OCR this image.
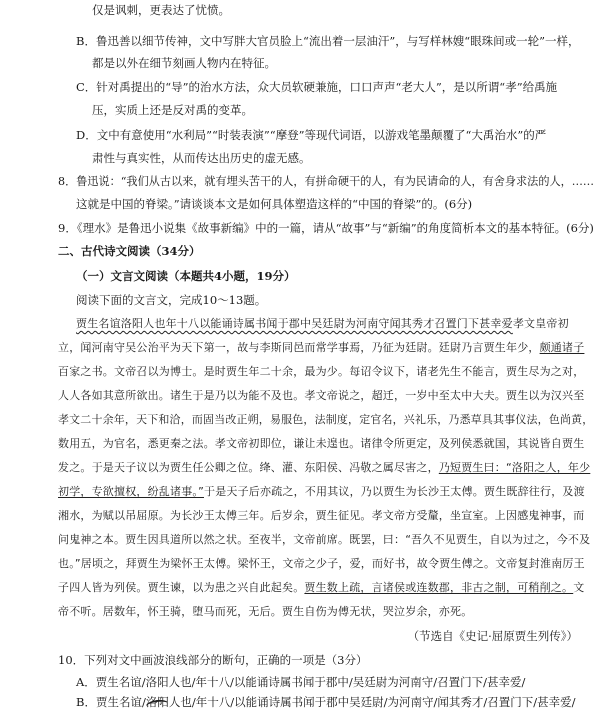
仅是讽刺，更表达了忧愤。
B．鲁迅善以细节传神，文中写胖大官员脸上“流出着一层油汗”，与写样林嫂“眼珠间或一轮”一样，
都是以外在细节刻画人物内在特征。
C．针对禹提出的“导”的治水方法，众大员软硬兼施，口口声声“老大人”，是以所谓“孝”给禹施
压，实质上还是反对禹的变革。
D．文中有意使用“水利局”“时装表演”“摩登”等现代词语，以游戏笔墨颠覆了“大禹治水”的严
肃性与真实性，从而传达出历史的虚无感。
8．鲁迅说：“我们从古以来，就有埋头苦干的人，有拼命硬干的人，有为民请命的人，有舍身求法的人，……
这就是中国的脊梁。”请谈谈本文是如何具体塑造这样的“中国的脊梁”的。(6分)
9．《理水》是鲁迅小说集《故事新编》中的一篇，请从“故事”与“新编”的角度简析本文的基本特征。(6分)
二、古代诗文阅读（34分）
（一）文言文阅读（本题共4小题，19分）
阅读下面的文言文，完成10～13题。
贾生名谊洛阳人也年十八以能诵诗属书闻于郡中吴廷尉为河南守闻其秀才召置门下甚幸爱孝文皇帝初
立，闻河南守吴公治平为天下第一，故与李斯同邑而常学事焉，乃征为廷尉。廷尉乃言贾生年少，颇通诸子
百家之书。文帝召以为博士。是时贾生年二十余，最为少。每诏令议下，诸老先生不能言，贾生尽为之对，
人人各如其意所欲出。诸生于是乃以为能不及也。孝文帝说之，超迁，一岁中至太中大夫。贾生以为汉兴至
孝文二十余年，天下和洽，而固当改正朔，易服色，法制度，定官名，兴礼乐，乃悉草具其事仪法，色尚黄，
数用五，为官名，悉更秦之法。孝文帝初即位，谦让未遑也。诸律令所更定，及列侯悉就国，其说皆自贾生
发之。于是天子议以为贾生任公卿之位。绛、灌、东阳侯、冯敬之属尽害之，乃短贾生曰：“洛阳之人，年少
初学，专欲擅权，纷乱诸事。”于是天子后亦疏之，不用其议，乃以贾生为长沙王太傅。贾生既辞往行，及渡
湘水，为赋以吊屈原。为长沙王太傅三年。后岁余，贾生征见。孝文帝方受釐，坐宣室。上因感鬼神事，而
问鬼神之本。贾生因具道所以然之状。至夜半，文帝前席。既罢，曰：“吾久不见贾生，自以为过之，今不及
也。”居顷之，拜贾生为梁怀王太傅。梁怀王，文帝之少子，爱，而好书，故令贾生傅之。文帝复封淮南厉王
子四人皆为列侯。贾生谏，以为患之兴自此起矣。贾生数上疏，言诸侯或连数郡，非古之制，可稍削之。文
帝不听。居数年，怀王骑，堕马而死，无后。贾生自伤为傅无状，哭泣岁余，亦死。
（节选自《史记·屈原贾生列传》）
10．下列对文中画波浪线部分的断句，正确的一项是（3分）
A．贾生名谊/洛阳人也/年十八/以能诵诗属书闻于郡中/吴廷尉为河南守/召置门下/甚幸爱/
B．贾生名谊/洛阳人也/年十八/以能诵诗属书闻于郡中吴廷尉/为河南守/闻其秀才/召置门下/甚幸爱/
